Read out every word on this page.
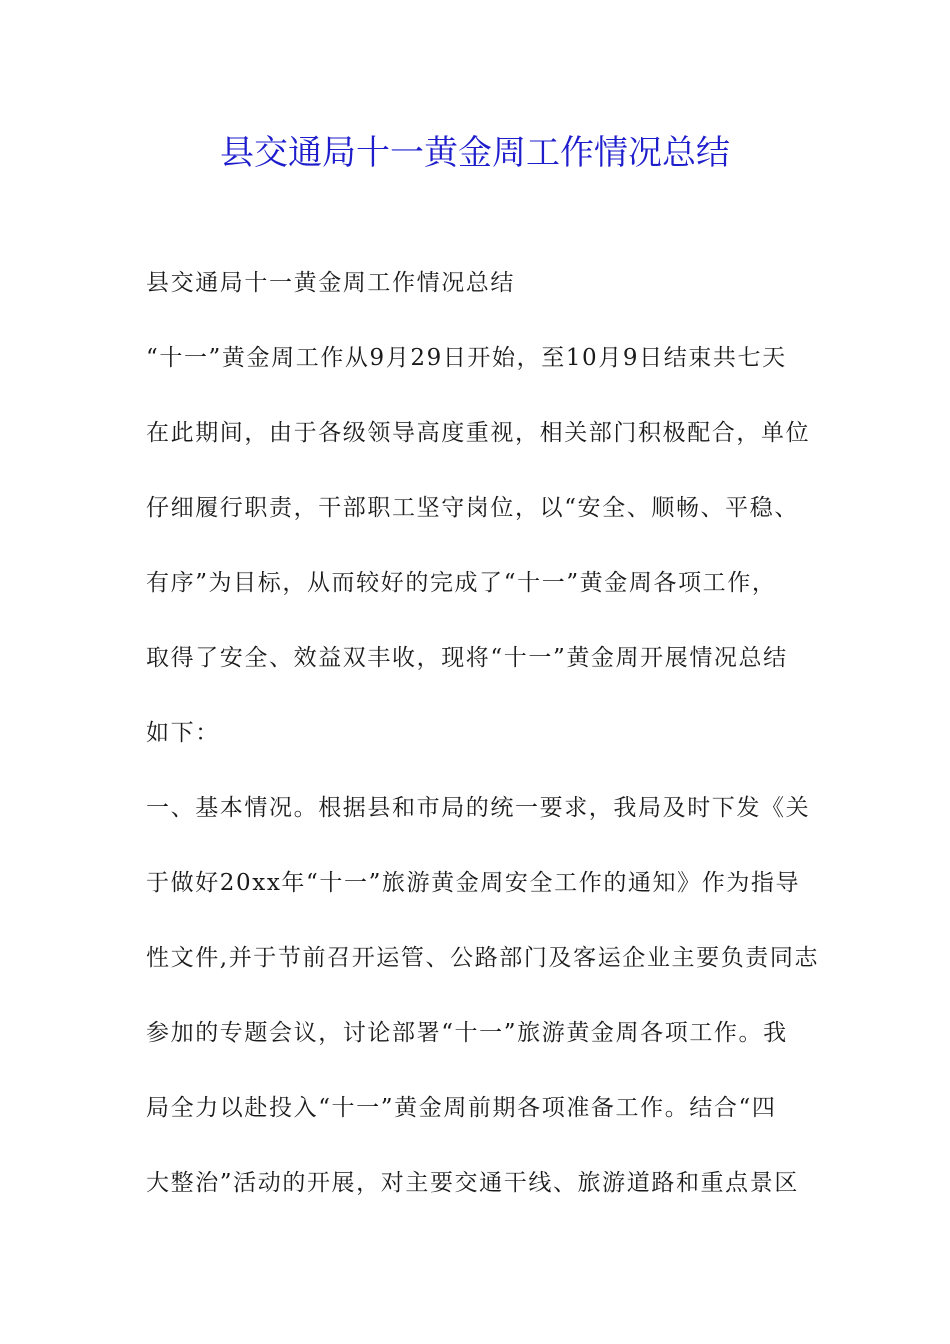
县交通局十一黄金周工作情况总结
县交通局十一黄金周工作情况总结
“十一”黄金周工作从9月29日开始，至10月9日结束共七天
在此期间，由于各级领导高度重视，相关部门积极配合，单位
仔细履行职责，干部职工坚守岗位，以“安全、顺畅、平稳、
有序”为目标，从而较好的完成了“十一”黄金周各项工作，
取得了安全、效益双丰收，现将“十一”黄金周开展情况总结
如下：
一、基本情况。根据县和市局的统一要求，我局及时下发《关
于做好20xx年“十一”旅游黄金周安全工作的通知》作为指导
性文件,并于节前召开运管、公路部门及客运企业主要负责同志
参加的专题会议，讨论部署“十一”旅游黄金周各项工作。我
局全力以赴投入“十一”黄金周前期各项准备工作。结合“四
大整治”活动的开展，对主要交通干线、旅游道路和重点景区
